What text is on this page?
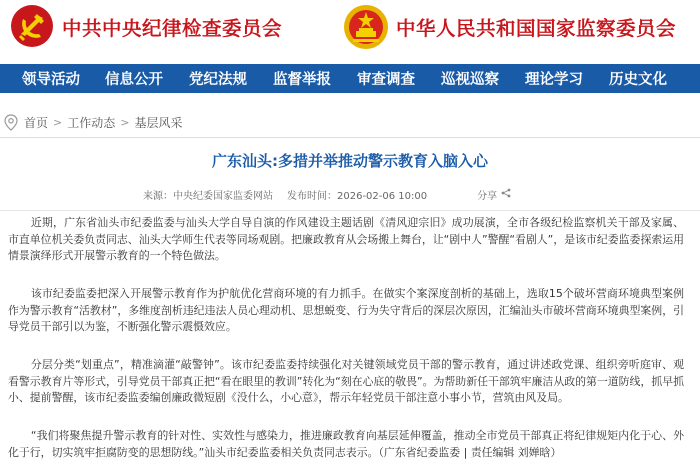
中共中央纪律检查委员会	中华人民共和国国家监察委员会
领导活动 信息公开 党纪法规 监督举报 审查调查 巡视巡察 理论学习 历史文化
首页 > 工作动态 > 基层风采
广东汕头:多措并举推动警示教育入脑入心
来源：中央纪委国家监委网站 发布时间：2026-02-06 10:00	分享

近期，广东省汕头市纪委监委与汕头大学自导自演的作风建设主题话剧《清风迎宗旧》成功展演，全市各级纪检监察机关干部及家属、市直单位机关委负责同志、汕头大学师生代表等同场观剧。把廉政教育从会场搬上舞台，让“剧中人”警醒“看剧人”，是该市纪委监委探索运用情景演绎形式开展警示教育的一个特色做法。

该市纪委监委把深入开展警示教育作为护航优化营商环境的有力抓手。在做实个案深度剖析的基础上，选取15个破坏营商环境典型案例作为警示教育“活教材”，多维度剖析违纪违法人员心理动机、思想蜕变、行为失守背后的深层次原因，汇编汕头市破坏营商环境典型案例，引导党员干部引以为鉴，不断强化警示震慑效应。

分层分类“划重点”，精准滴灌“敲警钟”。该市纪委监委持续强化对关键领域党员干部的警示教育，通过讲述政党课、组织旁听庭审、观看警示教育片等形式，引导党员干部真正把“看在眼里的教训”转化为“刻在心底的敬畏”。为帮助新任干部筑牢廉洁从政的第一道防线，抓早抓小、提前警醒，该市纪委监委编创廉政微短剧《没什么，小心意》，帮示年轻党员干部注意小事小节，营筑由风及局。

“我们将聚焦提升警示教育的针对性、实效性与感染力，推进廉政教育向基层延伸覆盖，推动全市党员干部真正将纪律规矩内化于心、外化于行，切实筑牢拒腐防变的思想防线。”汕头市纪委监委相关负责同志表示。（广东省纪委监委 | 责任编辑 刘婵晗）
